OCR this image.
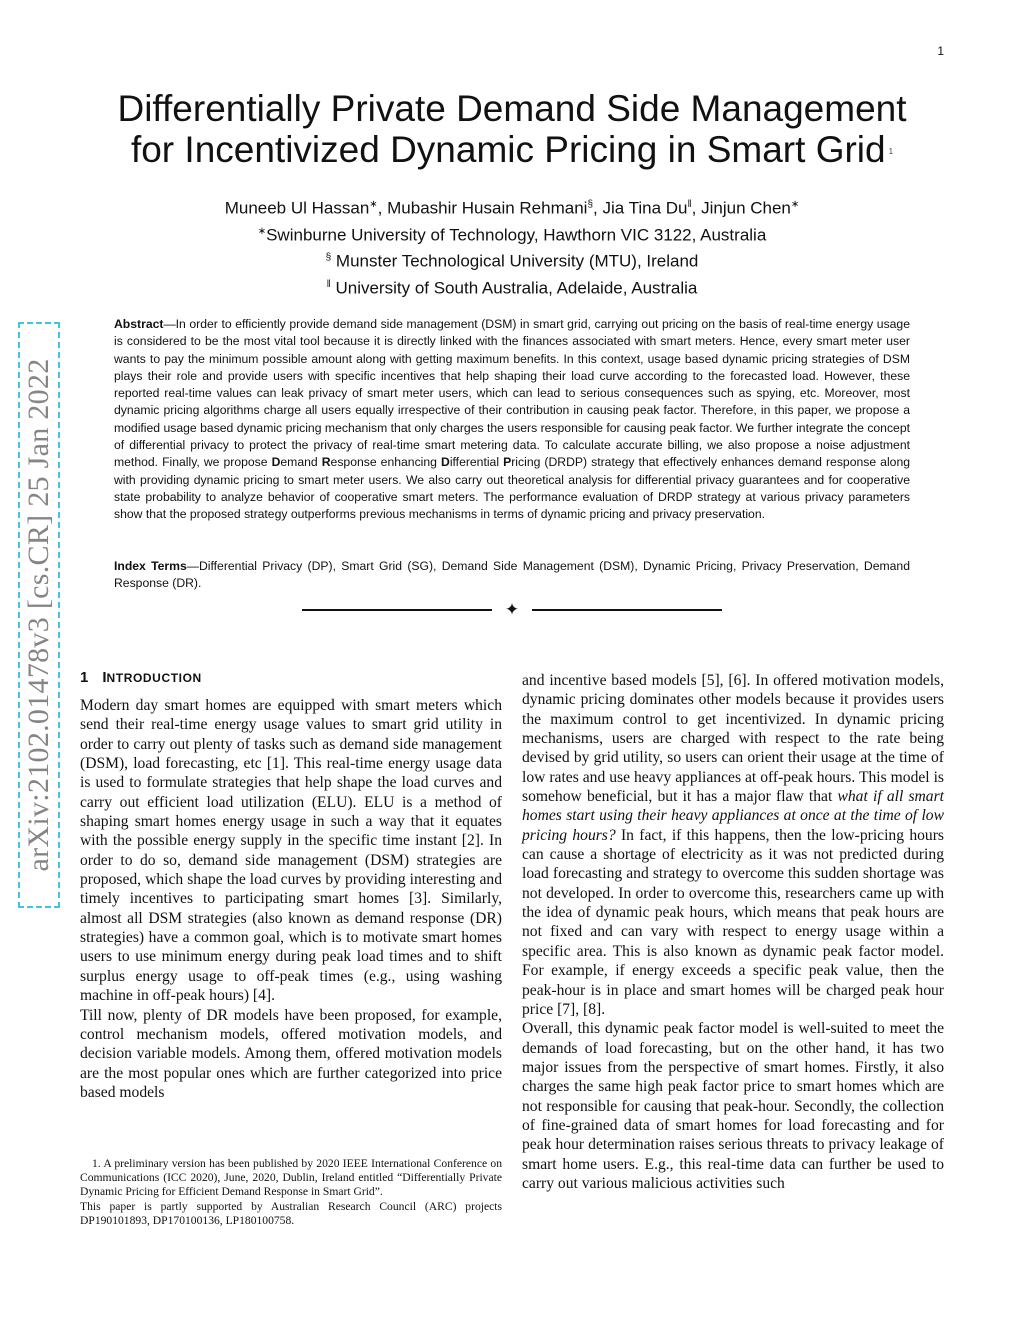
1
arXiv:2102.01478v3 [cs.CR] 25 Jan 2022
Differentially Private Demand Side Management
for Incentivized Dynamic Pricing in Smart Grid $^1$
Muneeb Ul Hassan∗, Mubashir Husain Rehmani§, Jia Tina Du‖, Jinjun Chen∗
∗Swinburne University of Technology, Hawthorn VIC 3122, Australia
§ Munster Technological University (MTU), Ireland
‖ University of South Australia, Adelaide, Australia
Abstract—In order to efficiently provide demand side management (DSM) in smart grid, carrying out pricing on the basis of real-time energy usage is considered to be the most vital tool because it is directly linked with the finances associated with smart meters. Hence, every smart meter user wants to pay the minimum possible amount along with getting maximum benefits. In this context, usage based dynamic pricing strategies of DSM plays their role and provide users with specific incentives that help shaping their load curve according to the forecasted load. However, these reported real-time values can leak privacy of smart meter users, which can lead to serious consequences such as spying, etc. Moreover, most dynamic pricing algorithms charge all users equally irrespective of their contribution in causing peak factor. Therefore, in this paper, we propose a modified usage based dynamic pricing mechanism that only charges the users responsible for causing peak factor. We further integrate the concept of differential privacy to protect the privacy of real-time smart metering data. To calculate accurate billing, we also propose a noise adjustment method. Finally, we propose Demand Response enhancing Differential Pricing (DRDP) strategy that effectively enhances demand response along with providing dynamic pricing to smart meter users. We also carry out theoretical analysis for differential privacy guarantees and for cooperative state probability to analyze behavior of cooperative smart meters. The performance evaluation of DRDP strategy at various privacy parameters show that the proposed strategy outperforms previous mechanisms in terms of dynamic pricing and privacy preservation.
Index Terms—Differential Privacy (DP), Smart Grid (SG), Demand Side Management (DSM), Dynamic Pricing, Privacy Preservation, Demand Response (DR).
✦
1 INTRODUCTION

Modern day smart homes are equipped with smart meters which send their real-time energy usage values to smart grid utility in order to carry out plenty of tasks such as demand side management (DSM), load forecasting, etc [1]. This real-time energy usage data is used to formulate strategies that help shape the load curves and carry out efficient load utilization (ELU). ELU is a method of shaping smart homes energy usage in such a way that it equates with the possible energy supply in the specific time instant [2]. In order to do so, demand side management (DSM) strategies are proposed, which shape the load curves by providing interesting and timely incentives to participating smart homes [3]. Similarly, almost all DSM strategies (also known as demand response (DR) strategies) have a common goal, which is to motivate smart homes users to use minimum energy during peak load times and to shift surplus energy usage to off-peak times (e.g., using washing machine in off-peak hours) [4].

Till now, plenty of DR models have been proposed, for example, control mechanism models, offered motivation models, and decision variable models. Among them, offered motivation models are the most popular ones which are further categorized into price based models

and incentive based models [5], [6]. In offered motivation models, dynamic pricing dominates other models because it provides users the maximum control to get incentivized. In dynamic pricing mechanisms, users are charged with respect to the rate being devised by grid utility, so users can orient their usage at the time of low rates and use heavy appliances at off-peak hours. This model is somehow beneficial, but it has a major flaw that what if all smart homes start using their heavy appliances at once at the time of low pricing hours? In fact, if this happens, then the low-pricing hours can cause a shortage of electricity as it was not predicted during load forecasting and strategy to overcome this sudden shortage was not developed. In order to overcome this, researchers came up with the idea of dynamic peak hours, which means that peak hours are not fixed and can vary with respect to energy usage within a specific area. This is also known as dynamic peak factor model. For example, if energy exceeds a specific peak value, then the peak-hour is in place and smart homes will be charged peak hour price [7], [8].

Overall, this dynamic peak factor model is well-suited to meet the demands of load forecasting, but on the other hand, it has two major issues from the perspective of smart homes. Firstly, it also charges the same high peak factor price to smart homes which are not responsible for causing that peak-hour. Secondly, the collection of fine-grained data of smart homes for load forecasting and for peak hour determination raises serious threats to privacy leakage of smart home users. E.g., this real-time data can further be used to carry out various malicious activities such

1. A preliminary version has been published by 2020 IEEE International Conference on Communications (ICC 2020), June, 2020, Dublin, Ireland entitled “Differentially Private Dynamic Pricing for Efficient Demand Response in Smart Grid”.

This paper is partly supported by Australian Research Council (ARC) projects DP190101893, DP170100136, LP180100758.
